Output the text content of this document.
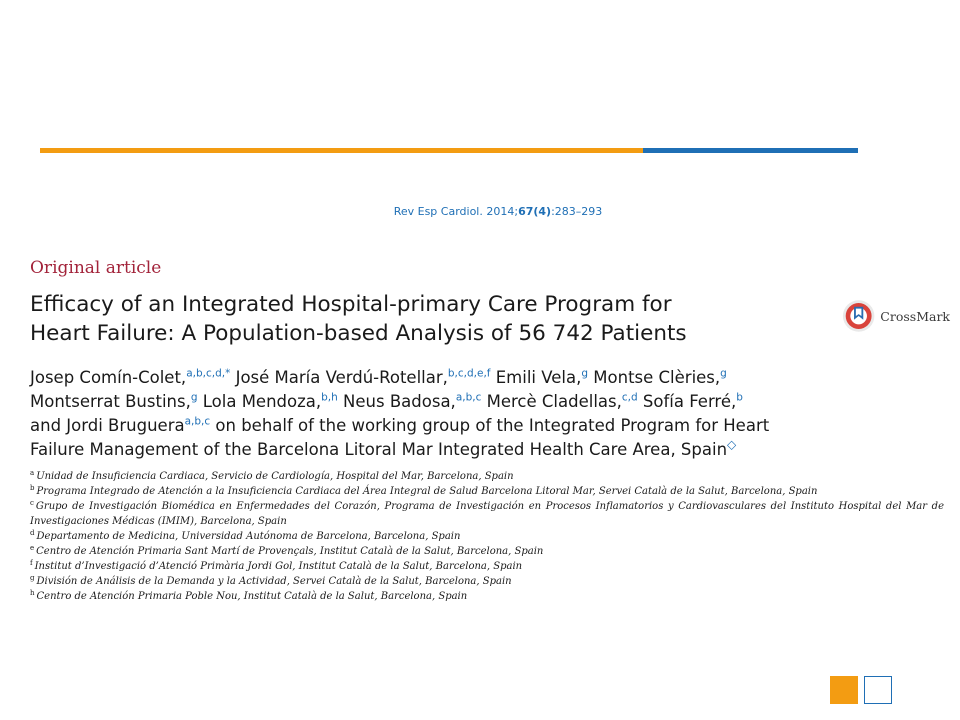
Rev Esp Cardiol. 2014;67(4):283–293
Original article
Efficacy of an Integrated Hospital-primary Care Program for
Heart Failure: A Population-based Analysis of 56 742 Patients
CrossMark
Josep Comín-Colet,$^{a,b,c,d,*}$ José María Verdú-Rotellar,$^{b,c,d,e,f}$ Emili Vela,$^g$ Montse Clèries,$^g$
Montserrat Bustins,$^g$ Lola Mendoza,$^{b,h}$ Neus Badosa,$^{a,b,c}$ Mercè Cladellas,$^{c,d}$ Sofía Ferré,$^b$
and Jordi Bruguera$^{a,b,c}$ on behalf of the working group of the Integrated Program for Heart
Failure Management of the Barcelona Litoral Mar Integrated Health Care Area, Spain◇

$^a$ Unidad de Insuficiencia Cardiaca, Servicio de Cardiología, Hospital del Mar, Barcelona, Spain

$^b$ Programa Integrado de Atención a la Insuficiencia Cardiaca del Área Integral de Salud Barcelona Litoral Mar, Servei Català de la Salut, Barcelona, Spain

$^c$ Grupo de Investigación Biomédica en Enfermedades del Corazón, Programa de Investigación en Procesos Inflamatorios y Cardiovasculares del Instituto Hospital del Mar de Investigaciones Médicas (IMIM), Barcelona, Spain

$^d$ Departamento de Medicina, Universidad Autónoma de Barcelona, Barcelona, Spain

$^e$ Centro de Atención Primaria Sant Martí de Provençals, Institut Català de la Salut, Barcelona, Spain

$^f$ Institut d’Investigació d’Atenció Primària Jordi Gol, Institut Català de la Salut, Barcelona, Spain

$^g$ División de Análisis de la Demanda y la Actividad, Servei Català de la Salut, Barcelona, Spain

$^h$ Centro de Atención Primaria Poble Nou, Institut Català de la Salut, Barcelona, Spain
